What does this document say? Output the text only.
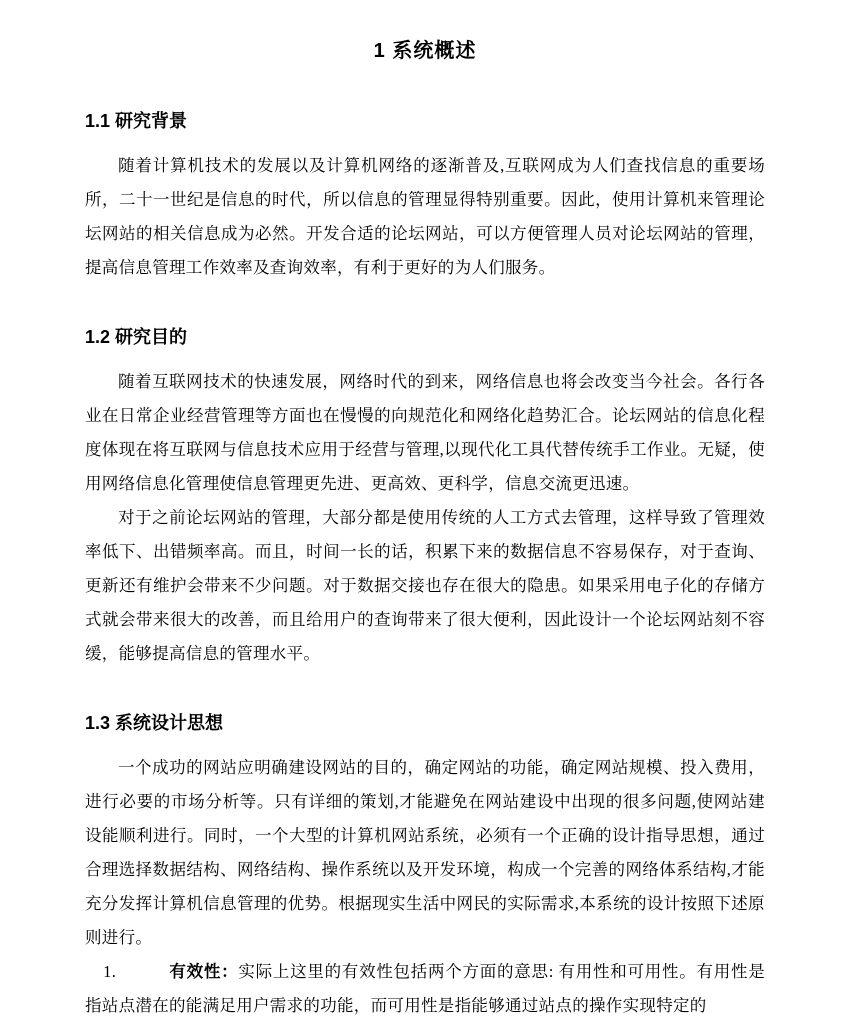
1 系统概述
1.1 研究背景

随着计算机技术的发展以及计算机网络的逐渐普及,互联网成为人们查找信息的重要场所，二十一世纪是信息的时代，所以信息的管理显得特别重要。因此，使用计算机来管理论坛网站的相关信息成为必然。开发合适的论坛网站，可以方便管理人员对论坛网站的管理，提高信息管理工作效率及查询效率，有利于更好的为人们服务。

1.2 研究目的

随着互联网技术的快速发展，网络时代的到来，网络信息也将会改变当今社会。各行各业在日常企业经营管理等方面也在慢慢的向规范化和网络化趋势汇合。论坛网站的信息化程度体现在将互联网与信息技术应用于经营与管理,以现代化工具代替传统手工作业。无疑，使用网络信息化管理使信息管理更先进、更高效、更科学，信息交流更迅速。

对于之前论坛网站的管理，大部分都是使用传统的人工方式去管理，这样导致了管理效率低下、出错频率高。而且，时间一长的话，积累下来的数据信息不容易保存，对于查询、更新还有维护会带来不少问题。对于数据交接也存在很大的隐患。如果采用电子化的存储方式就会带来很大的改善，而且给用户的查询带来了很大便利，因此设计一个论坛网站刻不容缓，能够提高信息的管理水平。

1.3 系统设计思想

一个成功的网站应明确建设网站的目的，确定网站的功能，确定网站规模、投入费用，进行必要的市场分析等。只有详细的策划,才能避免在网站建设中出现的很多问题,使网站建设能顺利进行。同时，一个大型的计算机网站系统，必须有一个正确的设计指导思想，通过合理选择数据结构、网络结构、操作系统以及开发环境，构成一个完善的网络体系结构,才能充分发挥计算机信息管理的优势。根据现实生活中网民的实际需求,本系统的设计按照下述原则进行。

1.	有效性：实际上这里的有效性包括两个方面的意思: 有用性和可用性。有用性是指站点潜在的能满足用户需求的功能，而可用性是指能够通过站点的操作实现特定的
